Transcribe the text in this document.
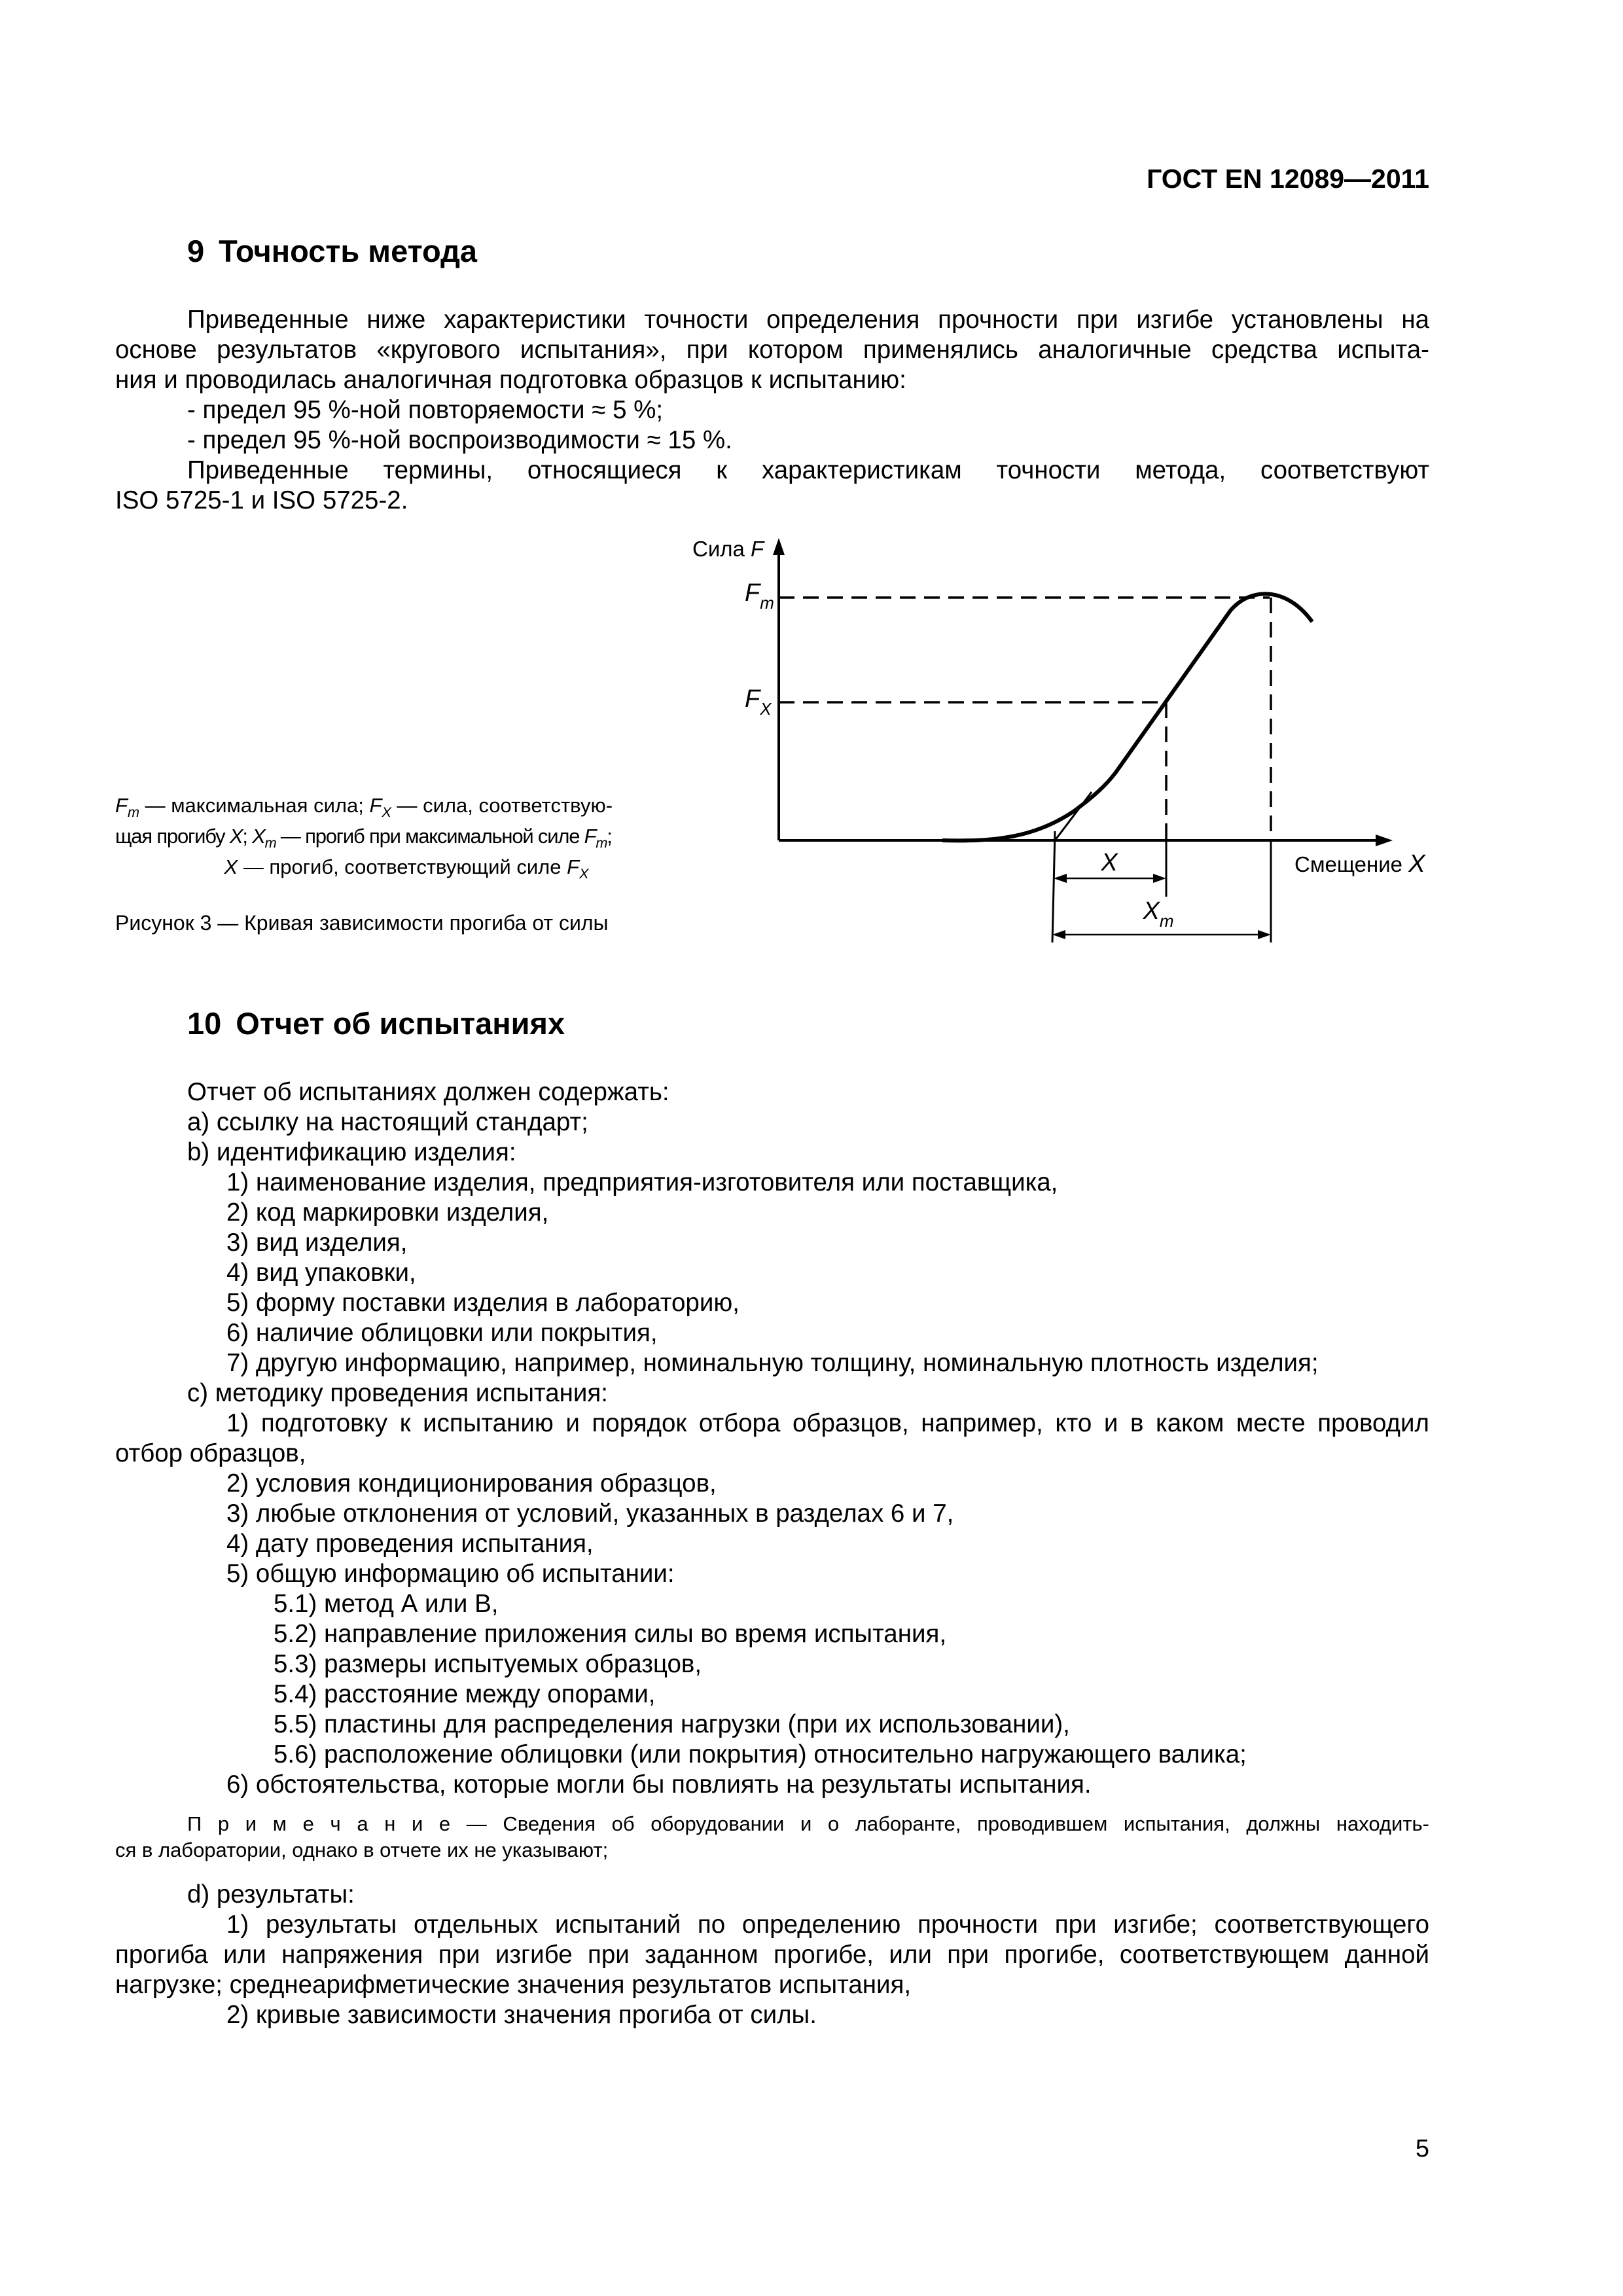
ГОСТ EN 12089—2011
9 Точность метода
Приведенные ниже характеристики точности определения прочности при изгибе установлены на
основе результатов «кругового испытания», при котором применялись аналогичные средства испыта-
ния и проводилась аналогичная подготовка образцов к испытанию:
- предел 95 %-ной повторяемости ≈ 5 %;
- предел 95 %-ной воспроизводимости ≈ 15 %.
Приведенные термины, относящиеся к характеристикам точности метода, соответствуют
ISO 5725-1 и ISO 5725-2.
Сила F
$F_m$
$F_X$
X
$X_m$
Смещение X
$F_m$ — максимальная сила; $F_X$ — сила, соответствую-
щая прогибу X; $X_m$ — прогиб при максимальной силе $F_m$;
X — прогиб, соответствующий силе $F_X$
Рисунок 3 — Кривая зависимости прогиба от силы
10 Отчет об испытаниях
Отчет об испытаниях должен содержать:
а) ссылку на настоящий стандарт;
b) идентификацию изделия:
1) наименование изделия, предприятия-изготовителя или поставщика,
2) код маркировки изделия,
3) вид изделия,
4) вид упаковки,
5) форму поставки изделия в лабораторию,
6) наличие облицовки или покрытия,
7) другую информацию, например, номинальную толщину, номинальную плотность изделия;
c) методику проведения испытания:
1) подготовку к испытанию и порядок отбора образцов, например, кто и в каком месте проводил
отбор образцов,
2) условия кондиционирования образцов,
3) любые отклонения от условий, указанных в разделах 6 и 7,
4) дату проведения испытания,
5) общую информацию об испытании:
5.1) метод А или В,
5.2) направление приложения силы во время испытания,
5.3) размеры испытуемых образцов,
5.4) расстояние между опорами,
5.5) пластины для распределения нагрузки (при их использовании),
5.6) расположение облицовки (или покрытия) относительно нагружающего валика;
6) обстоятельства, которые могли бы повлиять на результаты испытания.
П р и м е ч а н и е — Сведения об оборудовании и о лаборанте, проводившем испытания, должны находить-
ся в лаборатории, однако в отчете их не указывают;
d) результаты:
1) результаты отдельных испытаний по определению прочности при изгибе; соответствующего
прогиба или напряжения при изгибе при заданном прогибе, или при прогибе, соответствующем данной
нагрузке; среднеарифметические значения результатов испытания,
2) кривые зависимости значения прогиба от силы.
5
